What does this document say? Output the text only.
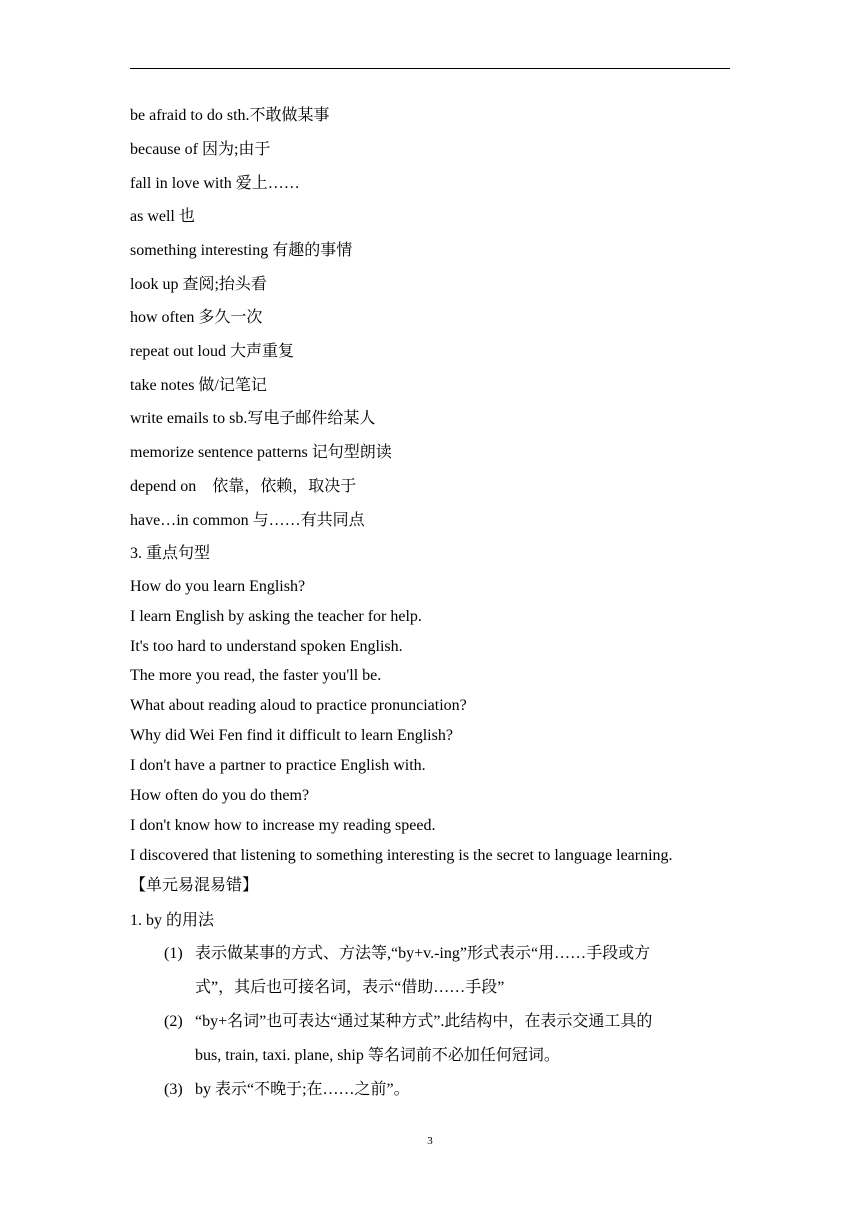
be afraid to do sth.不敢做某事
because of 因为;由于
fall in love with 爱上……
as well 也
something interesting 有趣的事情
look up 查阅;抬头看
how often 多久一次
repeat out loud 大声重复
take notes 做/记笔记
write emails to sb.写电子邮件给某人
memorize sentence patterns 记句型朗读
depend on　依靠，依赖，取决于
have…in common 与……有共同点
3. 重点句型
How do you learn English?
I learn English by asking the teacher for help.
It's too hard to understand spoken English.
The more you read, the faster you'll be.
What about reading aloud to practice pronunciation?
Why did Wei Fen find it difficult to learn English?
I don't have a partner to practice English with.
How often do you do them?
I don't know how to increase my reading speed.
I discovered that listening to something interesting is the secret to language learning.
【单元易混易错】
1. by 的用法
(1) 表示做某事的方式、方法等,“by+v.-ing”形式表示“用……手段或方
式”，其后也可接名词，表示“借助……手段”
(2) “by+名词”也可表达“通过某种方式”.此结构中，在表示交通工具的
bus, train, taxi. plane, ship 等名词前不必加任何冠词。
(3) by 表示“不晚于;在……之前”。
3
